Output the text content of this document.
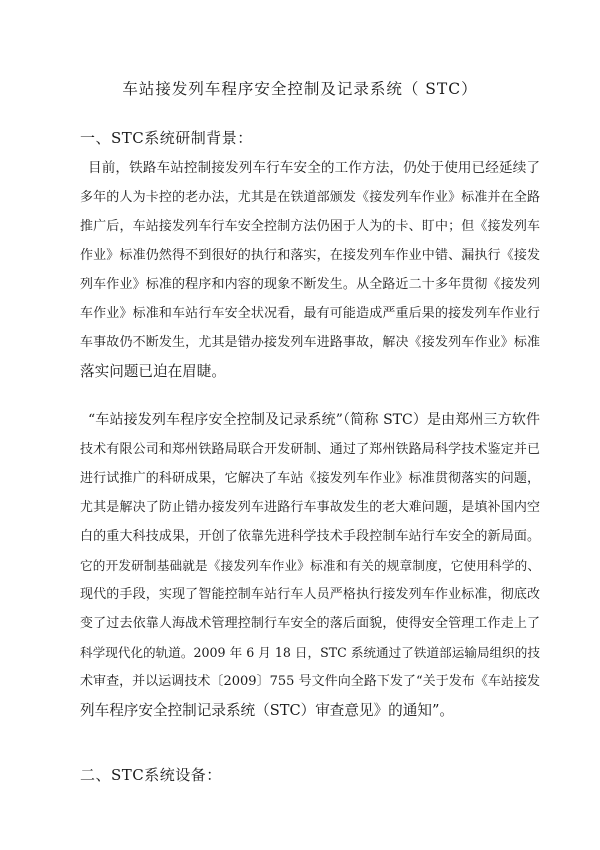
车站接发列车程序安全控制及记录系统（ STC）
一、STC系统研制背景：
目前，铁路车站控制接发列车行车安全的工作方法，仍处于使用已经延续了
多年的人为卡控的老办法，尤其是在铁道部颁发《接发列车作业》标准并在全路
推广后，车站接发列车行车安全控制方法仍困于人为的卡、盯中；但《接发列车
作业》标准仍然得不到很好的执行和落实，在接发列车作业中错、漏执行《接发
列车作业》标准的程序和内容的现象不断发生。从全路近二十多年贯彻《接发列
车作业》标准和车站行车安全状况看，最有可能造成严重后果的接发列车作业行
车事故仍不断发生，尤其是错办接发列车进路事故，解决《接发列车作业》标准
落实问题已迫在眉睫。
“车站接发列车程序安全控制及记录系统”（简称 STC）是由郑州三方软件
技术有限公司和郑州铁路局联合开发研制、通过了郑州铁路局科学技术鉴定并已
进行试推广的科研成果，它解决了车站《接发列车作业》标准贯彻落实的问题，
尤其是解决了防止错办接发列车进路行车事故发生的老大难问题，是填补国内空
白的重大科技成果，开创了依靠先进科学技术手段控制车站行车安全的新局面。
它的开发研制基础就是《接发列车作业》标准和有关的规章制度，它使用科学的、
现代的手段，实现了智能控制车站行车人员严格执行接发列车作业标准，彻底改
变了过去依靠人海战术管理控制行车安全的落后面貌，使得安全管理工作走上了
科学现代化的轨道。2009 年 6 月 18 日，STC 系统通过了铁道部运输局组织的技
术审查，并以运调技术〔2009〕755 号文件向全路下发了“关于发布《车站接发
列车程序安全控制记录系统（STC）审查意见》的通知”。
二、STC系统设备：
